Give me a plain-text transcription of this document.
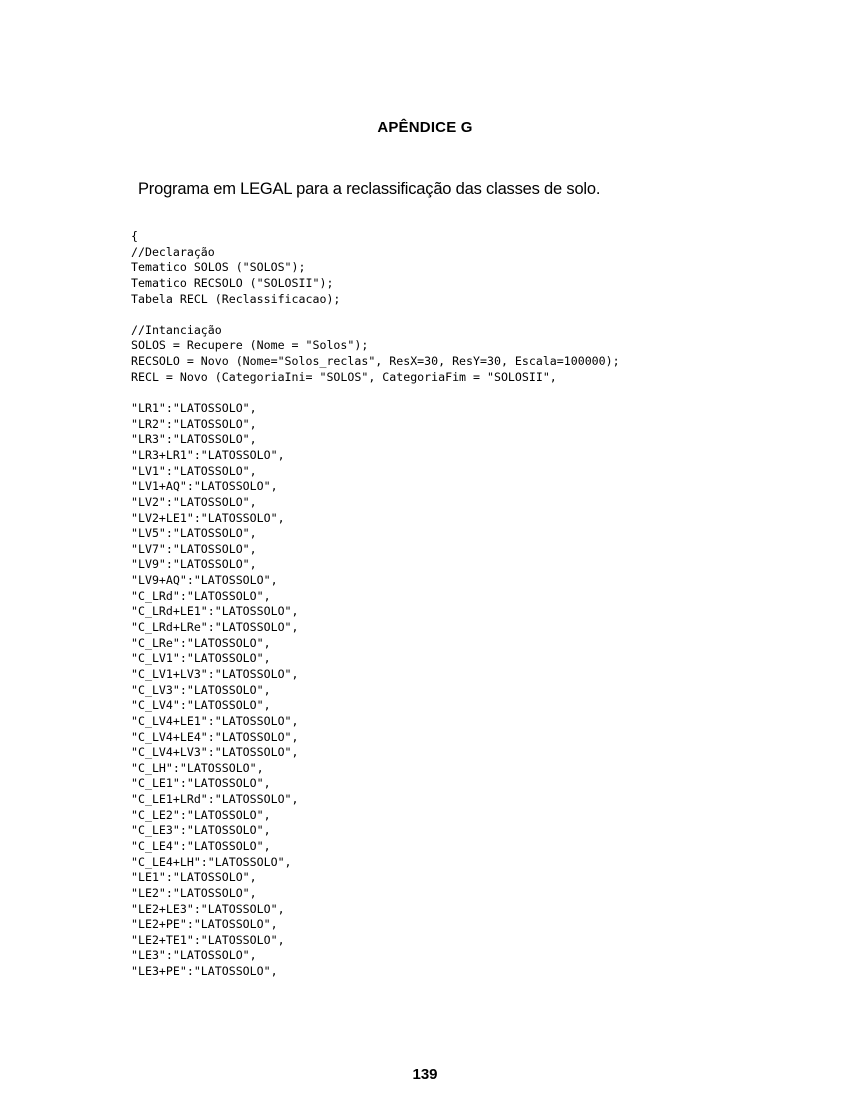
APÊNDICE G

Programa em LEGAL para a reclassificação das classes de solo.

{
//Declaração
Tematico SOLOS ("SOLOS");
Tematico RECSOLO ("SOLOSII");
Tabela RECL (Reclassificacao);
//Intanciação
SOLOS = Recupere (Nome = "Solos");
RECSOLO = Novo (Nome="Solos_reclas", ResX=30, ResY=30, Escala=100000);
RECL = Novo (CategoriaIni= "SOLOS", CategoriaFim = "SOLOSII",
"LR1":"LATOSSOLO",
"LR2":"LATOSSOLO",
"LR3":"LATOSSOLO",
"LR3+LR1":"LATOSSOLO",
"LV1":"LATOSSOLO",
"LV1+AQ":"LATOSSOLO",
"LV2":"LATOSSOLO",
"LV2+LE1":"LATOSSOLO",
"LV5":"LATOSSOLO",
"LV7":"LATOSSOLO",
"LV9":"LATOSSOLO",
"LV9+AQ":"LATOSSOLO",
"C_LRd":"LATOSSOLO",
"C_LRd+LE1":"LATOSSOLO",
"C_LRd+LRe":"LATOSSOLO",
"C_LRe":"LATOSSOLO",
"C_LV1":"LATOSSOLO",
"C_LV1+LV3":"LATOSSOLO",
"C_LV3":"LATOSSOLO",
"C_LV4":"LATOSSOLO",
"C_LV4+LE1":"LATOSSOLO",
"C_LV4+LE4":"LATOSSOLO",
"C_LV4+LV3":"LATOSSOLO",
"C_LH":"LATOSSOLO",
"C_LE1":"LATOSSOLO",
"C_LE1+LRd":"LATOSSOLO",
"C_LE2":"LATOSSOLO",
"C_LE3":"LATOSSOLO",
"C_LE4":"LATOSSOLO",
"C_LE4+LH":"LATOSSOLO",
"LE1":"LATOSSOLO",
"LE2":"LATOSSOLO",
"LE2+LE3":"LATOSSOLO",
"LE2+PE":"LATOSSOLO",
"LE2+TE1":"LATOSSOLO",
"LE3":"LATOSSOLO",
"LE3+PE":"LATOSSOLO",

139
